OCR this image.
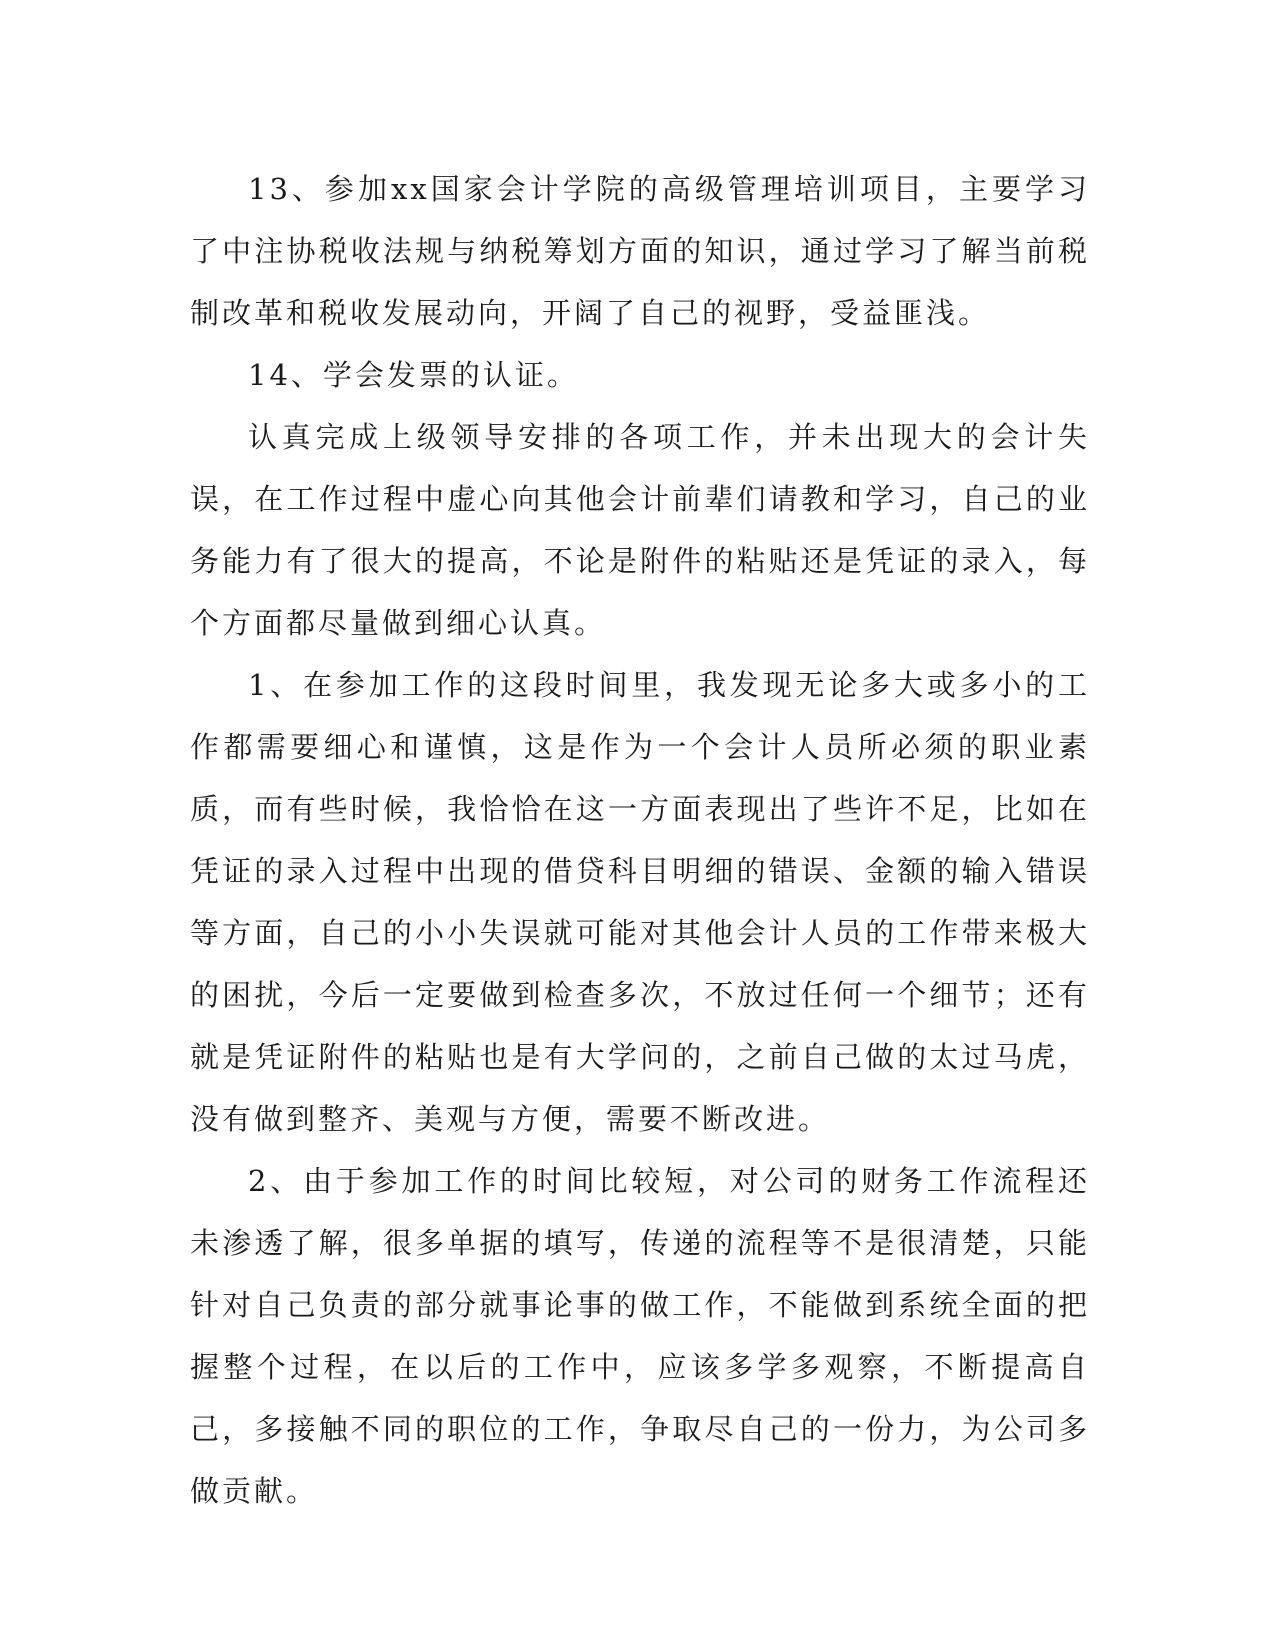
13、参加xx国家会计学院的高级管理培训项目，主要学习了中注协税收法规与纳税筹划方面的知识，通过学习了解当前税制改革和税收发展动向，开阔了自己的视野，受益匪浅。

14、学会发票的认证。

认真完成上级领导安排的各项工作，并未出现大的会计失误，在工作过程中虚心向其他会计前辈们请教和学习，自己的业务能力有了很大的提高，不论是附件的粘贴还是凭证的录入，每个方面都尽量做到细心认真。

1、在参加工作的这段时间里，我发现无论多大或多小的工作都需要细心和谨慎，这是作为一个会计人员所必须的职业素质，而有些时候，我恰恰在这一方面表现出了些许不足，比如在凭证的录入过程中出现的借贷科目明细的错误、金额的输入错误等方面，自己的小小失误就可能对其他会计人员的工作带来极大的困扰，今后一定要做到检查多次，不放过任何一个细节；还有就是凭证附件的粘贴也是有大学问的，之前自己做的太过马虎，没有做到整齐、美观与方便，需要不断改进。

2、由于参加工作的时间比较短，对公司的财务工作流程还未渗透了解，很多单据的填写，传递的流程等不是很清楚，只能针对自己负责的部分就事论事的做工作，不能做到系统全面的把握整个过程，在以后的工作中，应该多学多观察，不断提高自己，多接触不同的职位的工作，争取尽自己的一份力，为公司多做贡献。
